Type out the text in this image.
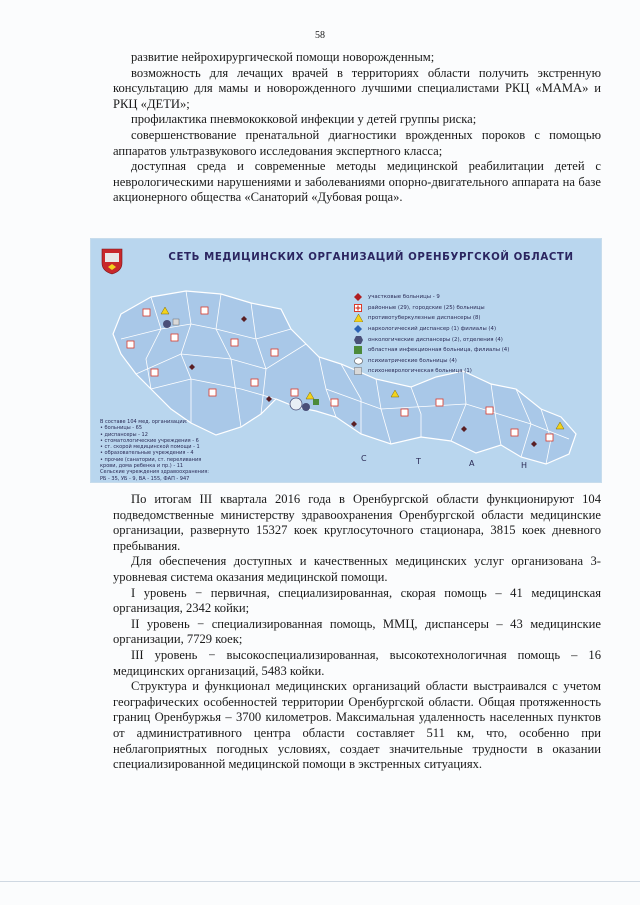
58

развитие нейрохирургической помощи новорожденным;

возможность для лечащих врачей в территориях области получить экстренную консультацию для мамы и новорожденного лучшими специалистами РКЦ «МАМА» и РКЦ «ДЕТИ»;

профилактика пневмококковой инфекции у детей группы риска;

совершенствование пренатальной диагностики врожденных пороков с помощью аппаратов ультразвукового исследования экспертного класса;

доступная среда и современные методы медицинской реабилитации детей с неврологическими нарушениями и заболеваниями опорно-двигательного аппарата на базе акционерного общества «Санаторий «Дубовая роща».

СЕТЬ МЕДИЦИНСКИХ ОРГАНИЗАЦИЙ ОРЕНБУРГСКОЙ ОБЛАСТИ
участковые больницы - 9
районные (29), городские (25) больницы
противотуберкулезные диспансеры (8)
наркологический диспансер (1) филиалы (4)
онкологические диспансеры (2), отделения (4)
областная инфекционная больница, филиалы (4)
психиатрические больницы (4)
психоневрологическая больница (1)
В составе 104 мед. организации:
• больницы - 65
• диспансеры - 12
• стоматологические учреждения - 6
• ст. скорой медицинской помощи - 1
• образовательные учреждения - 4
• прочие (санатории, ст. переливания
крови, дома ребенка и пр.) - 11
Сельские учреждения здравоохранения:
РБ - 35, УБ - 9, ВА - 155, ФАП - 947
С	Т	А	Н

По итогам III квартала 2016 года в Оренбургской области функционируют 104 подведомственные министерству здравоохранения Оренбургской области медицинские организации, развернуто 15327 коек круглосуточного стационара, 3815 коек дневного пребывания.

Для обеспечения доступных и качественных медицинских услуг организована 3-уровневая система оказания медицинской помощи.

I уровень − первичная, специализированная, скорая помощь – 41 медицинская организация, 2342 койки;

II уровень − специализированная помощь, ММЦ, диспансеры – 43 медицинские организации, 7729 коек;

III уровень − высокоспециализированная, высокотехнологичная помощь – 16 медицинских организаций, 5483 койки.

Структура и функционал медицинских организаций области выстраивался с учетом географических особенностей территории Оренбургской области. Общая протяженность границ Оренбуржья – 3700 километров. Максимальная удаленность населенных пунктов от административного центра области составляет 511 км, что, особенно при неблагоприятных погодных условиях, создает значительные трудности в оказании специализированной медицинской помощи в экстренных ситуациях.
